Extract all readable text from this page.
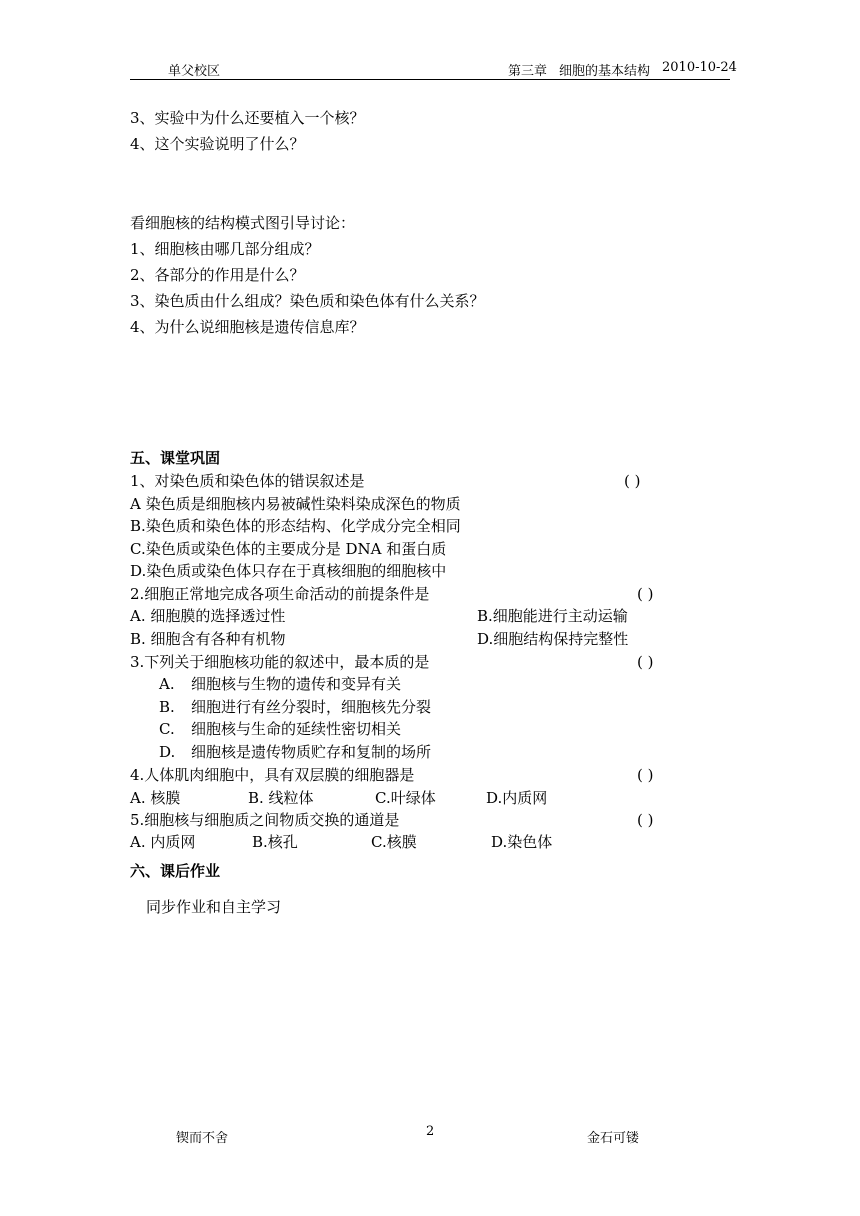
单父校区	第三章 细胞的基本结构 2010-10-24
3、实验中为什么还要植入一个核？
4、这个实验说明了什么？
看细胞核的结构模式图引导讨论：
1、细胞核由哪几部分组成？
2、各部分的作用是什么？
3、染色质由什么组成？染色质和染色体有什么关系？
4、为什么说细胞核是遗传信息库？
五、课堂巩固
1、对染色质和染色体的错误叙述是	( )
A 染色质是细胞核内易被碱性染料染成深色的物质
B.染色质和染色体的形态结构、化学成分完全相同
C.染色质或染色体的主要成分是 DNA 和蛋白质
D.染色质或染色体只存在于真核细胞的细胞核中
2.细胞正常地完成各项生命活动的前提条件是	( )
A. 细胞膜的选择透过性	B.细胞能进行主动运输
B. 细胞含有各种有机物	D.细胞结构保持完整性
3.下列关于细胞核功能的叙述中，最本质的是	( )
A. 细胞核与生物的遗传和变异有关
B. 细胞进行有丝分裂时，细胞核先分裂
C. 细胞核与生命的延续性密切相关
D. 细胞核是遗传物质贮存和复制的场所
4.人体肌肉细胞中，具有双层膜的细胞器是	( )
A. 核膜	B. 线粒体	C.叶绿体	D.内质网
5.细胞核与细胞质之间物质交换的通道是	( )
A. 内质网	B.核孔	C.核膜	D.染色体
六、课后作业
同步作业和自主学习
锲而不舍	2	金石可镂
